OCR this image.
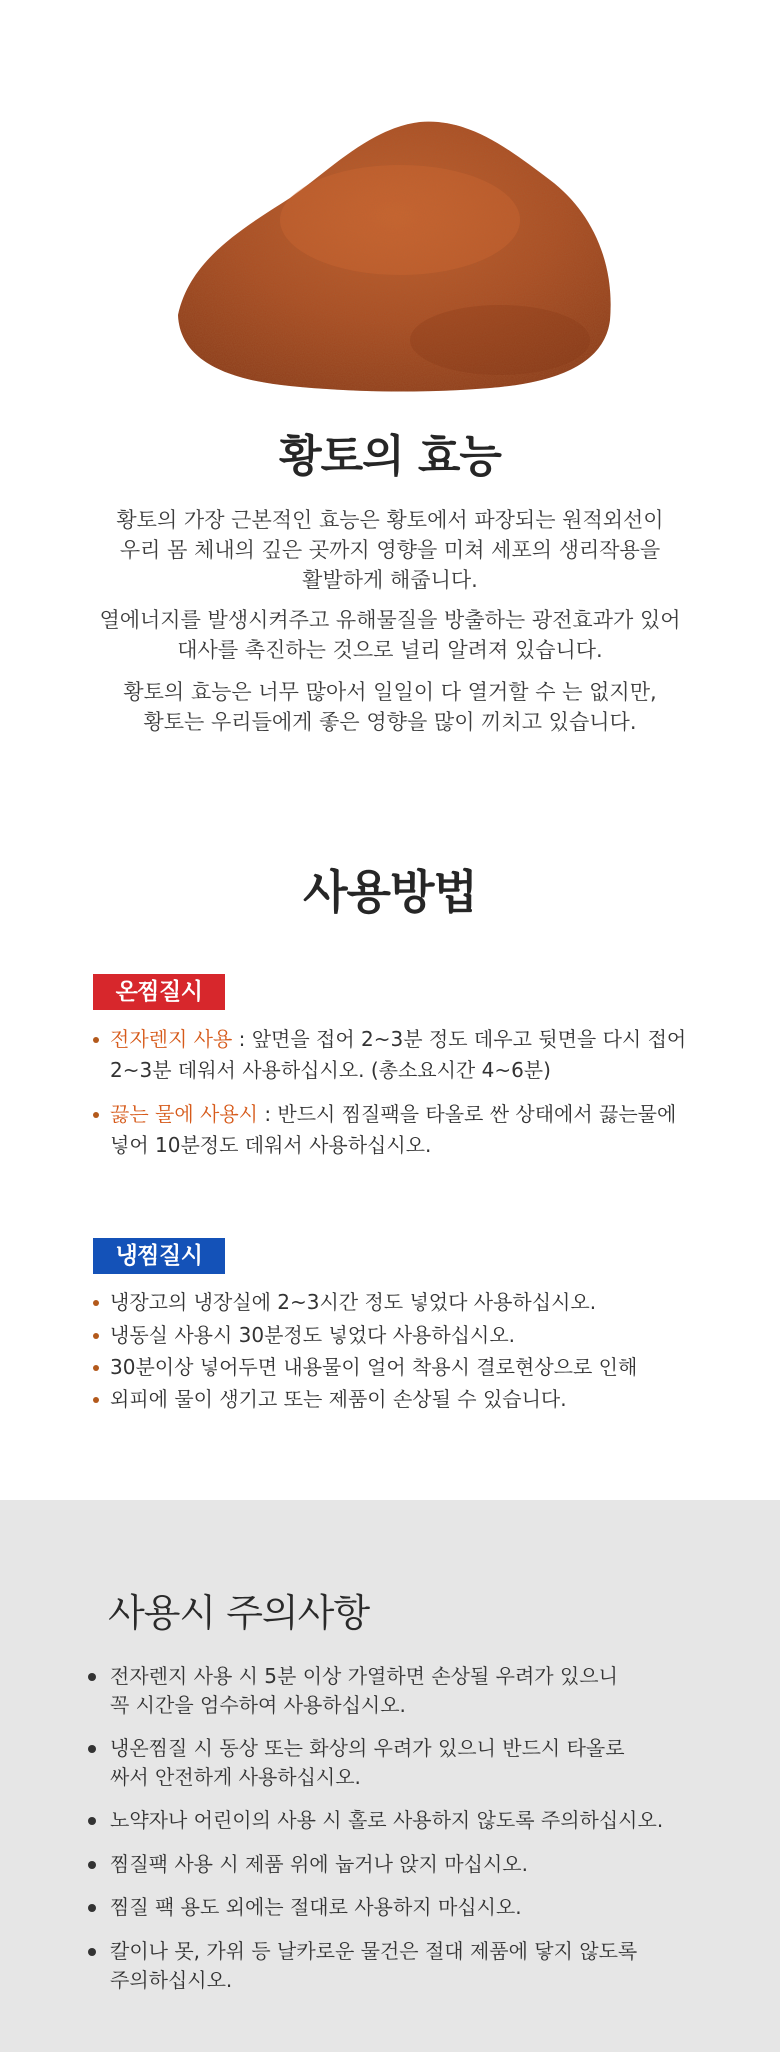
황토의 효능
황토의 가장 근본적인 효능은 황토에서 파장되는 원적외선이
우리 몸 체내의 깊은 곳까지 영향을 미쳐 세포의 생리작용을
활발하게 해줍니다.
열에너지를 발생시켜주고 유해물질을 방출하는 광전효과가 있어
대사를 촉진하는 것으로 널리 알려져 있습니다.
황토의 효능은 너무 많아서 일일이 다 열거할 수 는 없지만,
황토는 우리들에게 좋은 영향을 많이 끼치고 있습니다.
사용방법
온찜질시
전자렌지 사용 : 앞면을 접어 2~3분 정도 데우고 뒷면을 다시 접어
2~3분 데워서 사용하십시오. (총소요시간 4~6분)
끓는 물에 사용시 : 반드시 찜질팩을 타올로 싼 상태에서 끓는물에
넣어 10분정도 데워서 사용하십시오.
냉찜질시
냉장고의 냉장실에 2~3시간 정도 넣었다 사용하십시오.
냉동실 사용시 30분정도 넣었다 사용하십시오.
30분이상 넣어두면 내용물이 얼어 착용시 결로현상으로 인해
외피에 물이 생기고 또는 제품이 손상될 수 있습니다.
사용시 주의사항
전자렌지 사용 시 5분 이상 가열하면 손상될 우려가 있으니
꼭 시간을 엄수하여 사용하십시오.
냉온찜질 시 동상 또는 화상의 우려가 있으니 반드시 타올로
싸서 안전하게 사용하십시오.
노약자나 어린이의 사용 시 홀로 사용하지 않도록 주의하십시오.
찜질팩 사용 시 제품 위에 눕거나 앉지 마십시오.
찜질 팩 용도 외에는 절대로 사용하지 마십시오.
칼이나 못, 가위 등 날카로운 물건은 절대 제품에 닿지 않도록
주의하십시오.
